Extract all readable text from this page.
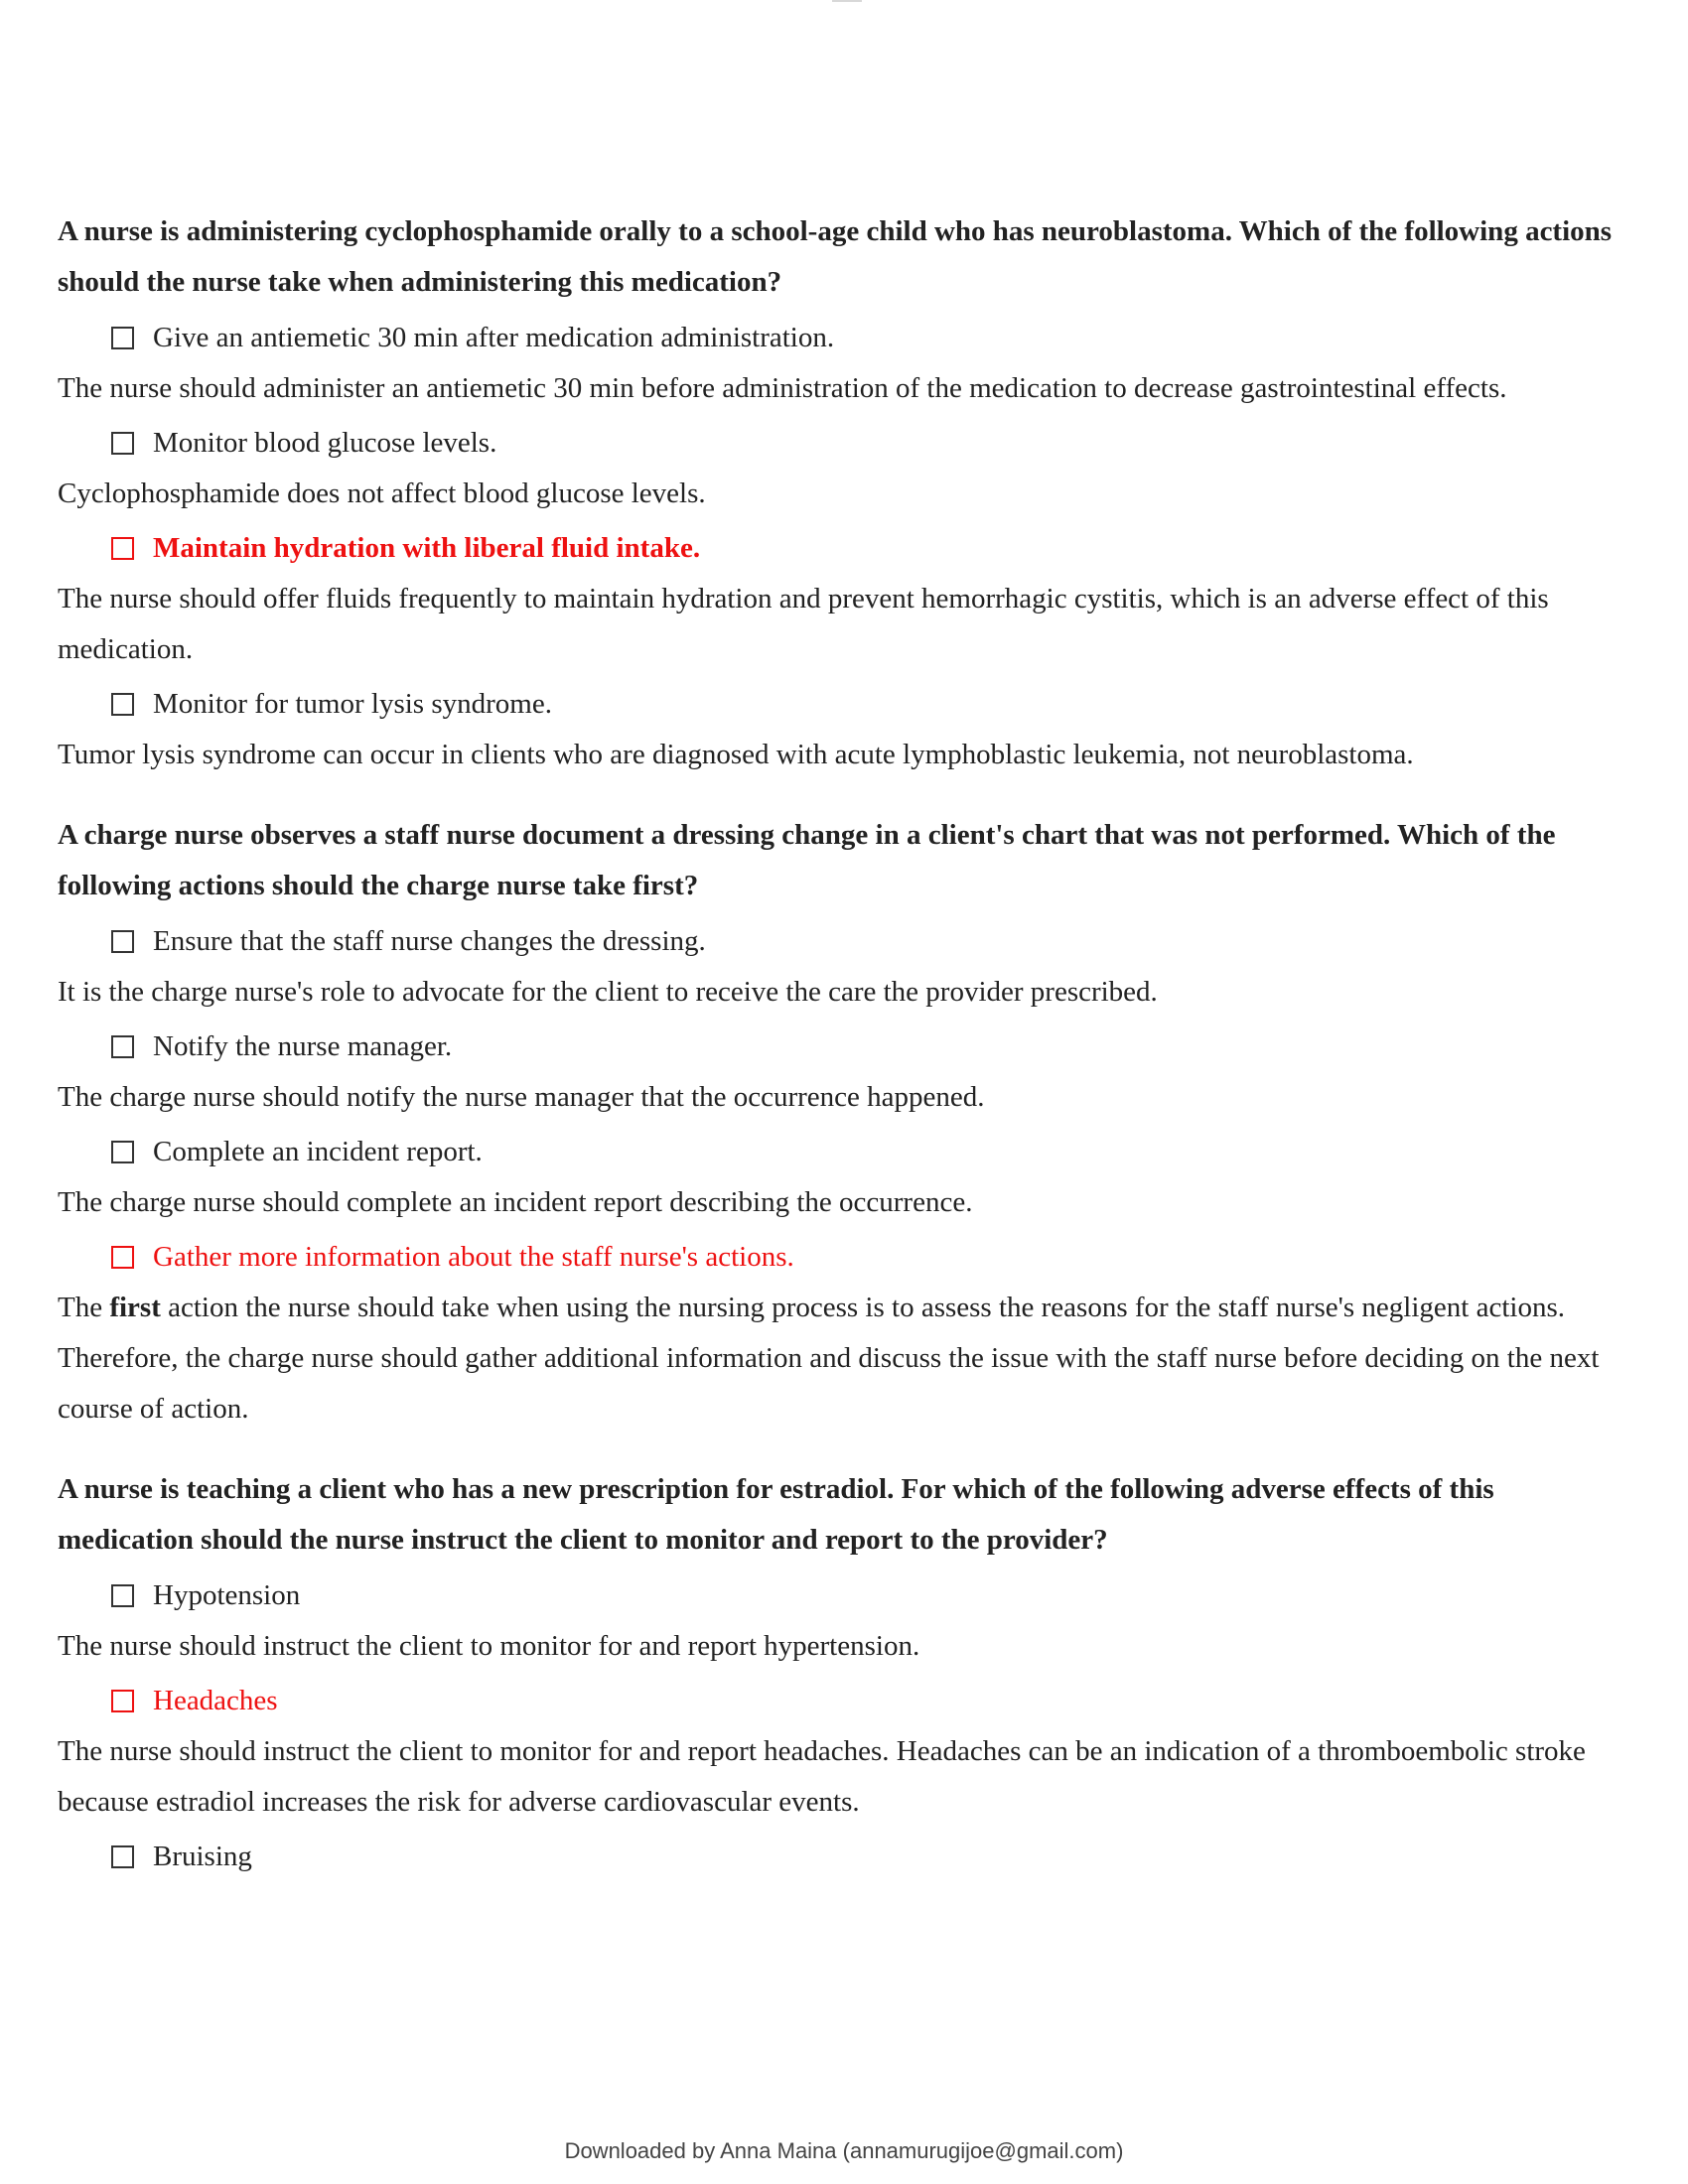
A nurse is administering cyclophosphamide orally to a school-age child who has neuroblastoma. Which of the following actions should the nurse take when administering this medication?

Give an antiemetic 30 min after medication administration.

The nurse should administer an antiemetic 30 min before administration of the medication to decrease gastrointestinal effects.

Monitor blood glucose levels.

Cyclophosphamide does not affect blood glucose levels.

Maintain hydration with liberal fluid intake.

The nurse should offer fluids frequently to maintain hydration and prevent hemorrhagic cystitis, which is an adverse effect of this medication.

Monitor for tumor lysis syndrome.

Tumor lysis syndrome can occur in clients who are diagnosed with acute lymphoblastic leukemia, not neuroblastoma.

A charge nurse observes a staff nurse document a dressing change in a client's chart that was not performed. Which of the following actions should the charge nurse take first?

Ensure that the staff nurse changes the dressing.

It is the charge nurse's role to advocate for the client to receive the care the provider prescribed.

Notify the nurse manager.

The charge nurse should notify the nurse manager that the occurrence happened.

Complete an incident report.

The charge nurse should complete an incident report describing the occurrence.

Gather more information about the staff nurse's actions.

The first action the nurse should take when using the nursing process is to assess the reasons for the staff nurse's negligent actions. Therefore, the charge nurse should gather additional information and discuss the issue with the staff nurse before deciding on the next course of action.

A nurse is teaching a client who has a new prescription for estradiol. For which of the following adverse effects of this medication should the nurse instruct the client to monitor and report to the provider?

Hypotension

The nurse should instruct the client to monitor for and report hypertension.

Headaches

The nurse should instruct the client to monitor for and report headaches. Headaches can be an indication of a thromboembolic stroke because estradiol increases the risk for adverse cardiovascular events.

Bruising
Downloaded by Anna Maina (annamurugijoe@gmail.com)
